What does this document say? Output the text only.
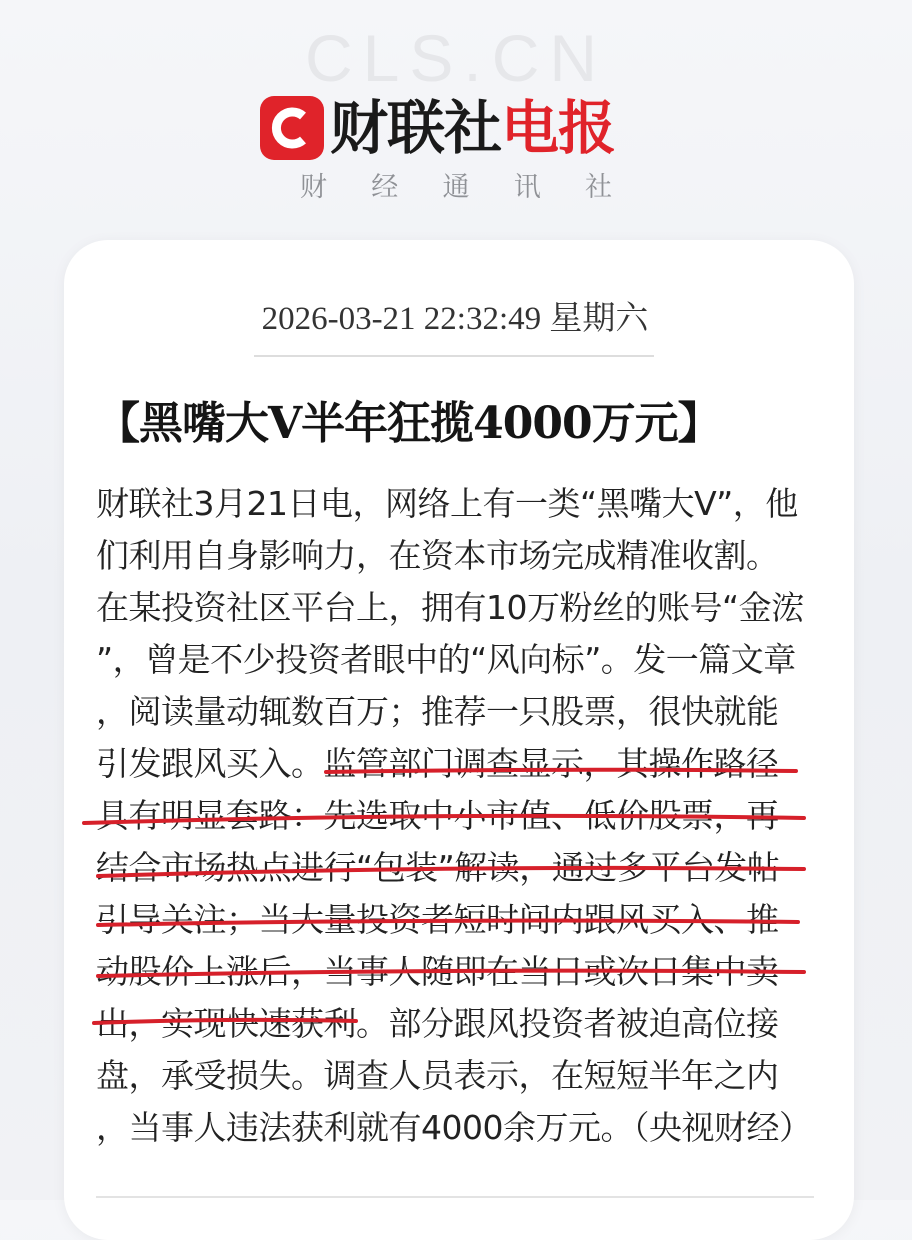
CLS.CN
财联社电报
财 经 通 讯 社
2026-03-21 22:32:49 星期六
【黑嘴大V半年狂揽4000万元】
财联社3月21日电，网络上有一类“黑嘴大V”，他
们利用自身影响力，在资本市场完成精准收割。
在某投资社区平台上，拥有10万粉丝的账号“金浤
”，曾是不少投资者眼中的“风向标”。发一篇文章
，阅读量动辄数百万；推荐一只股票，很快就能
引发跟风买入。监管部门调查显示，其操作路径
具有明显套路：先选取中小市值、低价股票，再
结合市场热点进行“包装”解读，通过多平台发帖
引导关注；当大量投资者短时间内跟风买入、推
动股价上涨后，当事人随即在当日或次日集中卖
出，实现快速获利。部分跟风投资者被迫高位接
盘，承受损失。调查人员表示，在短短半年之内
，当事人违法获利就有4000余万元。（央视财经）
